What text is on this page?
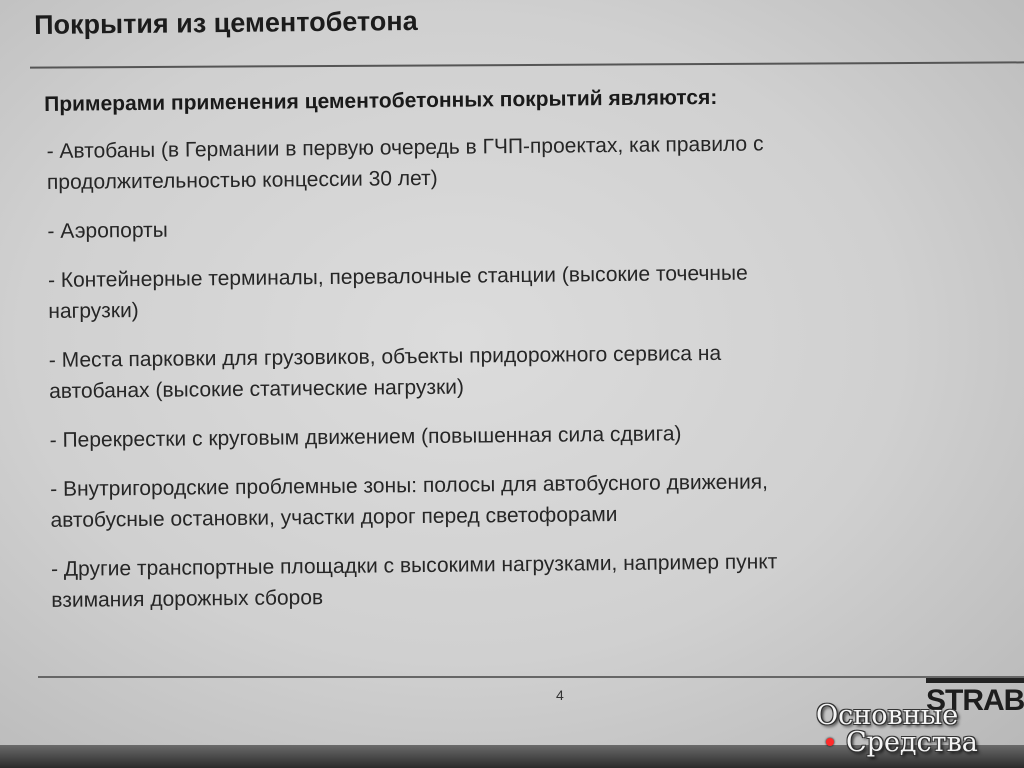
Покрытия из цементобетона
Примерами применения цементобетонных покрытий являются:
- Автобаны (в Германии в первую очередь в ГЧП-проектах, как правило с
продолжительностью концессии 30 лет)
- Аэропорты
- Контейнерные терминалы, перевалочные станции (высокие точечные
нагрузки)
- Места парковки для грузовиков, объекты придорожного сервиса на
автобанах (высокие статические нагрузки)
- Перекрестки с круговым движением (повышенная сила сдвига)
- Внутригородские проблемные зоны: полосы для автобусного движения,
автобусные остановки, участки дорог перед светофорами
- Другие транспортные площадки с высокими нагрузками, например пункт
взимания дорожных сборов
4	STRAB
Основные
Средства
